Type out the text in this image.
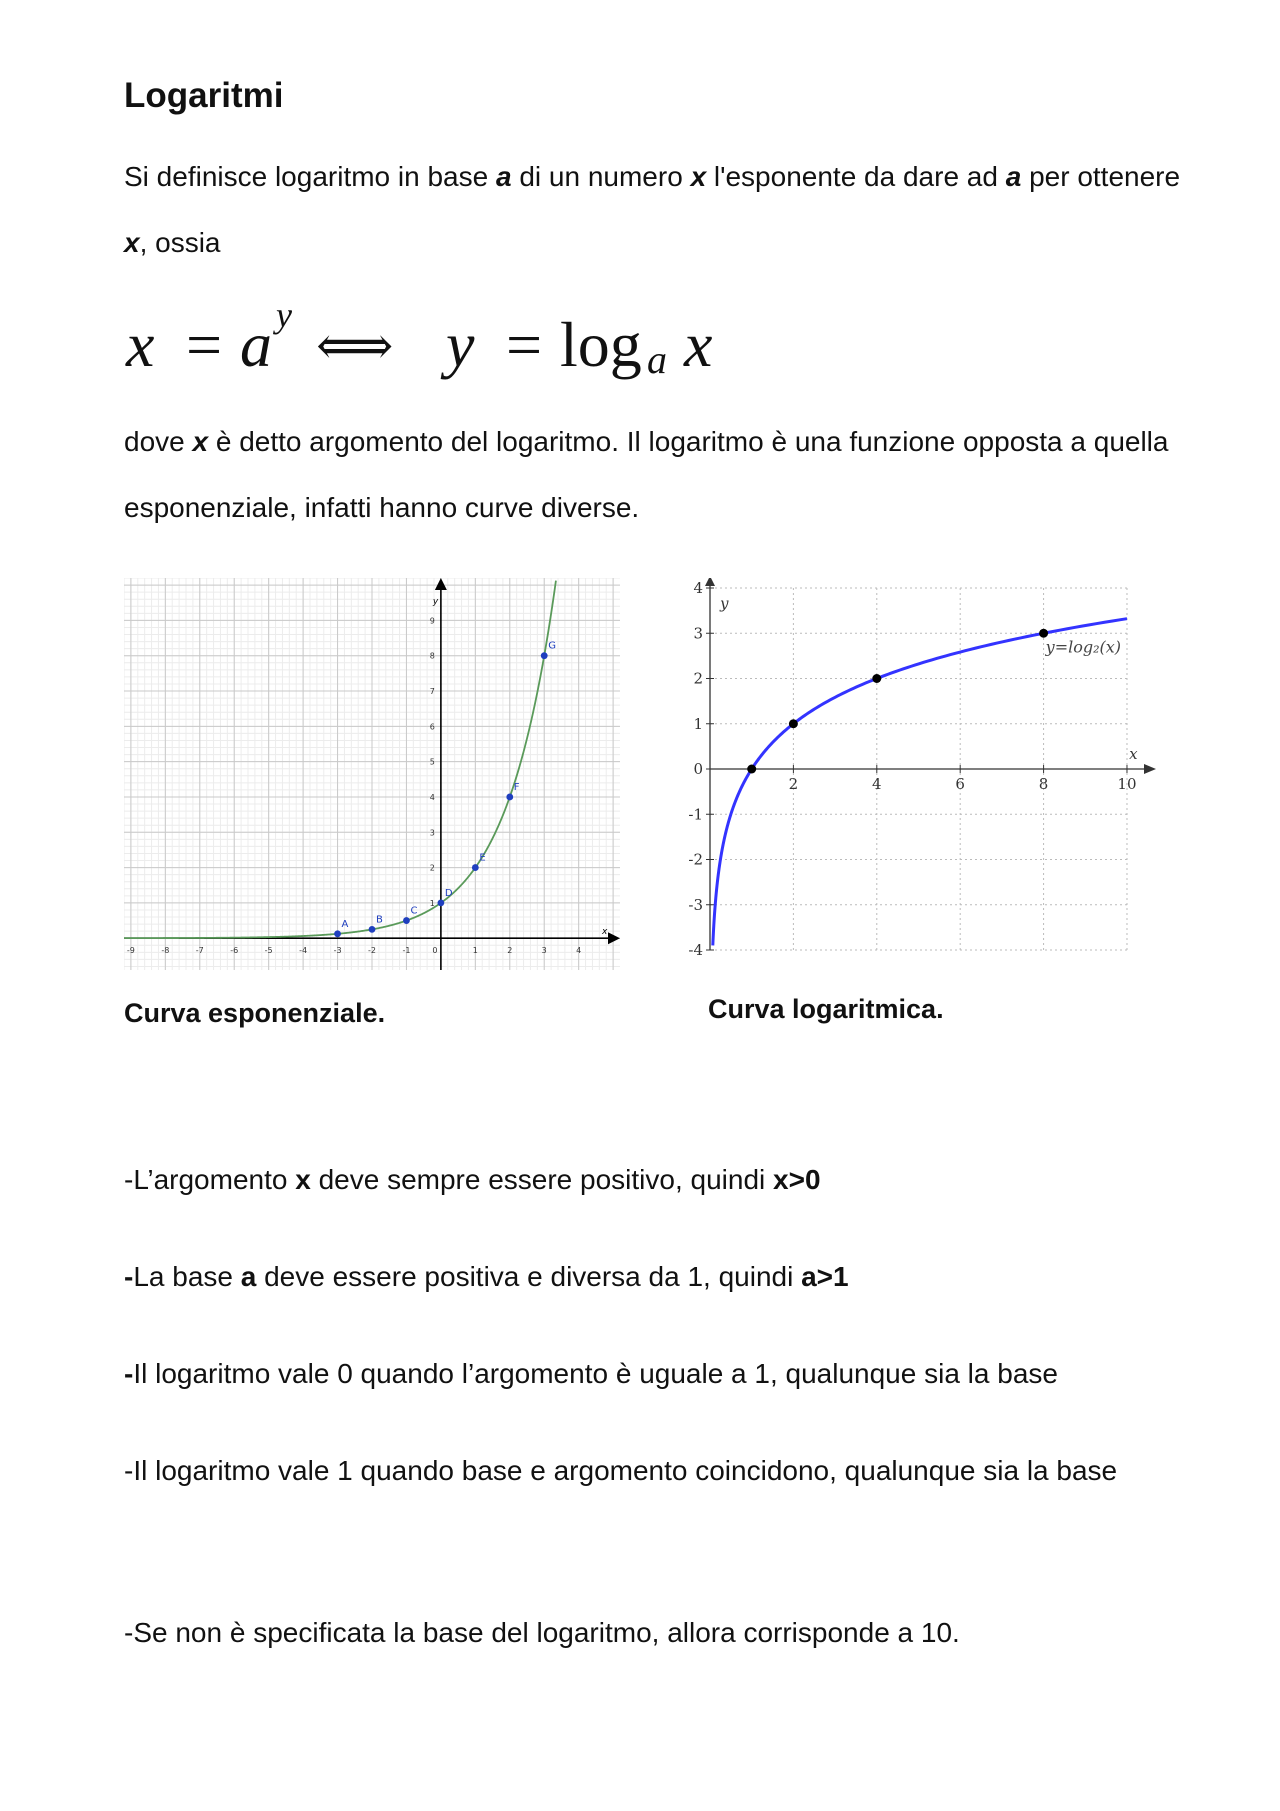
Logaritmi

Si definisce logaritmo in base a di un numero x l'esponente da dare ad a per ottenere x, ossia

x = a y
⟺ y = log a x

dove x è detto argomento del logaritmo. Il logaritmo è una funzione opposta a quella esponenziale, infatti hanno curve diverse.

-9	-8	-7	-6	-5	-4	-3	-2	-1	0	1	2	3	4
1
2
3
4
5
6
7
8
9
x
y
A	B
C
D
E
F
G
2	4	6	8	10
4
3
2
1
0
-1
-2
-3
-4
y
x
y=log₂(x)

Curva esponenziale.	Curva logaritmica.

-L’argomento x deve sempre essere positivo, quindi x>0

-La base a deve essere positiva e diversa da 1, quindi a>1

-Il logaritmo vale 0 quando l’argomento è uguale a 1, qualunque sia la base

-Il logaritmo vale 1 quando base e argomento coincidono, qualunque sia la base

-Se non è specificata la base del logaritmo, allora corrisponde a 10.
